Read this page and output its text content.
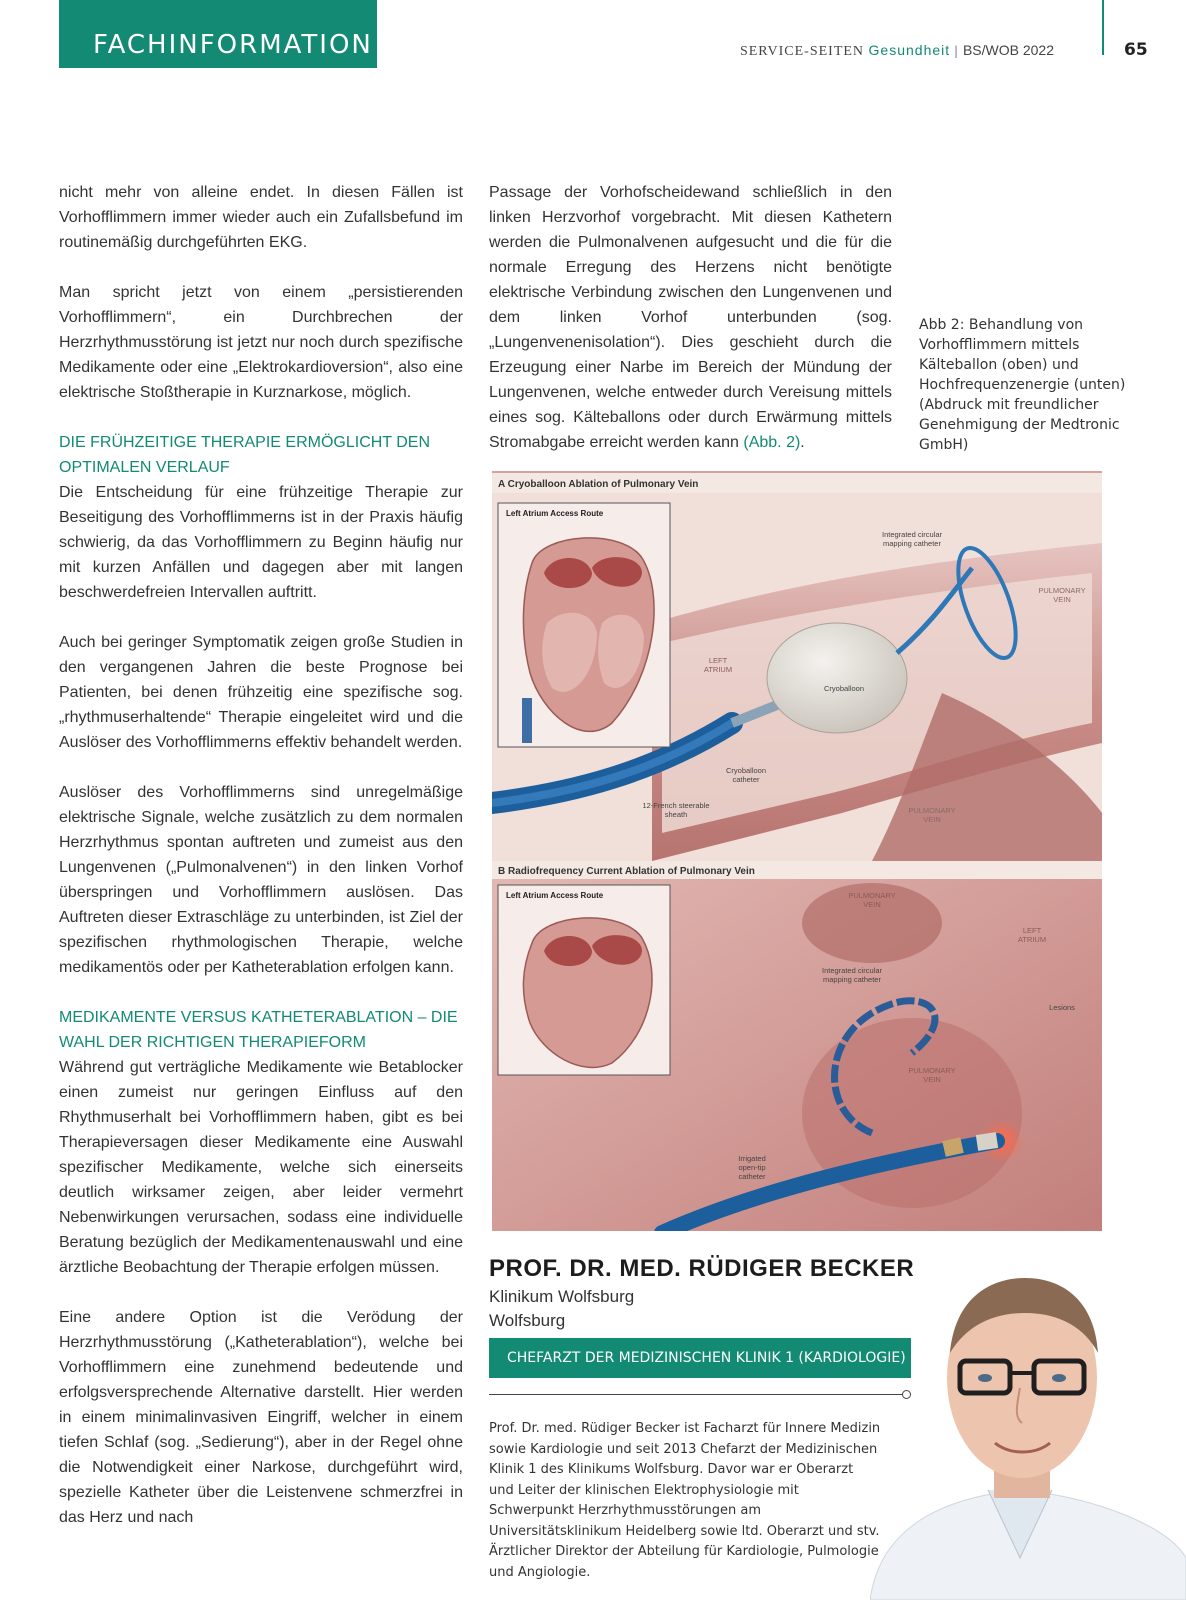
FACHINFORMATION	SERVICE-SEITEN Gesundheit | BS/WOB 2022	65

nicht mehr von alleine endet. In diesen Fällen ist Vorhofflimmern immer wieder auch ein Zufallsbefund im routinemäßig durchgeführten EKG.

Man spricht jetzt von einem „persistierenden Vorhofflimmern“, ein Durchbrechen der Herzrhythmusstörung ist jetzt nur noch durch spezifische Medikamente oder eine „Elektrokardioversion“, also eine elektrische Stoßtherapie in Kurznarkose, möglich.

DIE FRÜHZEITIGE THERAPIE ERMÖGLICHT DEN OPTIMALEN VERLAUF

Die Entscheidung für eine frühzeitige Therapie zur Beseitigung des Vorhofflimmerns ist in der Praxis häufig schwierig, da das Vorhofflimmern zu Beginn häufig nur mit kurzen Anfällen und dagegen aber mit langen beschwerdefreien Intervallen auftritt.

Auch bei geringer Symptomatik zeigen große Studien in den vergangenen Jahren die beste Prognose bei Patienten, bei denen frühzeitig eine spezifische sog. „rhythmuserhaltende“ Therapie eingeleitet wird und die Auslöser des Vorhofflimmerns effektiv behandelt werden.

Auslöser des Vorhofflimmerns sind unregelmäßige elektrische Signale, welche zusätzlich zu dem normalen Herzrhythmus spontan auftreten und zumeist aus den Lungenvenen („Pulmonalvenen“) in den linken Vorhof überspringen und Vorhofflimmern auslösen. Das Auftreten dieser Extraschläge zu unterbinden, ist Ziel der spezifischen rhythmologischen Therapie, welche medikamentös oder per Katheterablation erfolgen kann.

MEDIKAMENTE VERSUS KATHETERABLATION – DIE WAHL DER RICHTIGEN THERAPIEFORM

Während gut verträgliche Medikamente wie Betablocker einen zumeist nur geringen Einfluss auf den Rhythmuserhalt bei Vorhofflimmern haben, gibt es bei Therapieversagen dieser Medikamente eine Auswahl spezifischer Medikamente, welche sich einerseits deutlich wirksamer zeigen, aber leider vermehrt Nebenwirkungen verursachen, sodass eine individuelle Beratung bezüglich der Medikamentenauswahl und eine ärztliche Beobachtung der Therapie erfolgen müssen.

Eine andere Option ist die Verödung der Herzrhythmusstörung („Katheterablation“), welche bei Vorhofflimmern eine zunehmend bedeutende und erfolgsversprechende Alternative darstellt. Hier werden in einem minimalinvasiven Eingriff, welcher in einem tiefen Schlaf (sog. „Sedierung“), aber in der Regel ohne die Notwendigkeit einer Narkose, durchgeführt wird, spezielle Katheter über die Leistenvene schmerzfrei in das Herz und nach

Passage der Vorhofscheidewand schließlich in den linken Herzvorhof vorgebracht. Mit diesen Kathetern werden die Pulmonalvenen aufgesucht und die für die normale Erregung des Herzens nicht benötigte elektrische Verbindung zwischen den Lungenvenen und dem linken Vorhof unterbunden (sog. „Lungenvenenisolation“). Dies geschieht durch die Erzeugung einer Narbe im Bereich der Mündung der Lungenvenen, welche entweder durch Vereisung mittels eines sog. Kälteballons oder durch Erwärmung mittels Stromabgabe erreicht werden kann (Abb. 2).

Abb 2: Behandlung von Vorhofflimmern mittels Kälteballon (oben) und Hochfrequenzenergie (unten) (Abdruck mit freundlicher Genehmigung der Medtronic GmbH)
A Cryoballoon Ablation of Pulmonary Vein
Left Atrium Access Route
Integrated circular
mapping catheter
PULMONARY
VEIN
LEFT
ATRIUM
Cryoballoon
Cryoballoon
catheter
12-French steerable
sheath	PULMONARY
VEIN
B Radiofrequency Current Ablation of Pulmonary Vein
Left Atrium Access Route	PULMONARY
VEIN
LEFT
ATRIUM
Integrated circular
mapping catheter
Lesions
PULMONARY
VEIN
Irrigated
open-tip
catheter
PROF. DR. MED. RÜDIGER BECKER
Klinikum Wolfsburg
Wolfsburg
CHEFARZT DER MEDIZINISCHEN KLINIK 1 (KARDIOLOGIE)
Prof. Dr. med. Rüdiger Becker ist Facharzt für Innere Medizin sowie Kardiologie und seit 2013 Chefarzt der Medizinischen Klinik 1 des Klinikums Wolfsburg. Davor war er Oberarzt und Leiter der klinischen Elektrophysiologie mit Schwerpunkt Herzrhythmusstörungen am Universitätsklinikum Heidelberg sowie ltd. Oberarzt und stv. Ärztlicher Direktor der Abteilung für Kardiologie, Pulmologie und Angiologie.
